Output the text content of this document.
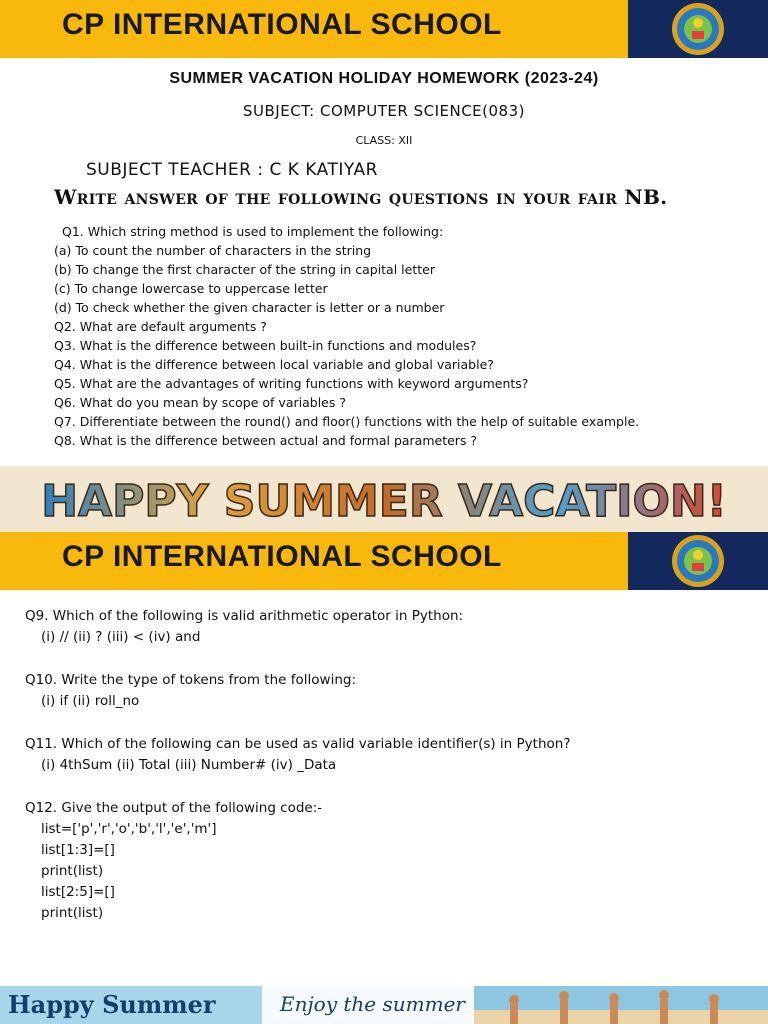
CP INTERNATIONAL SCHOOL
SUMMER VACATION HOLIDAY HOMEWORK (2023-24)
SUBJECT: COMPUTER SCIENCE(083)
CLASS: XII
SUBJECT TEACHER : C K KATIYAR
Write answer of the following questions in your fair NB.
Q1. Which string method is used to implement the following:
(a) To count the number of characters in the string
(b) To change the first character of the string in capital letter
(c) To change lowercase to uppercase letter
(d) To check whether the given character is letter or a number
Q2. What are default arguments ?
Q3. What is the difference between built-in functions and modules?
Q4. What is the difference between local variable and global variable?
Q5. What are the advantages of writing functions with keyword arguments?
Q6. What do you mean by scope of variables ?
Q7. Differentiate between the round() and floor() functions with the help of suitable example.
Q8. What is the difference between actual and formal parameters ?
HAPPY SUMMER VACATION!
CP INTERNATIONAL SCHOOL

Q9. Which of the following is valid arithmetic operator in Python:

(i) // (ii) ? (iii) < (iv) and

Q10. Write the type of tokens from the following:

(i) if (ii) roll_no

Q11. Which of the following can be used as valid variable identifier(s) in Python?

(i) 4thSum (ii) Total (iii) Number# (iv) _Data

Q12. Give the output of the following code:-

list=['p','r','o','b','l','e','m']

list[1:3]=[]

print(list)

list[2:5]=[]

print(list)

Happy Summer	Enjoy the summer
